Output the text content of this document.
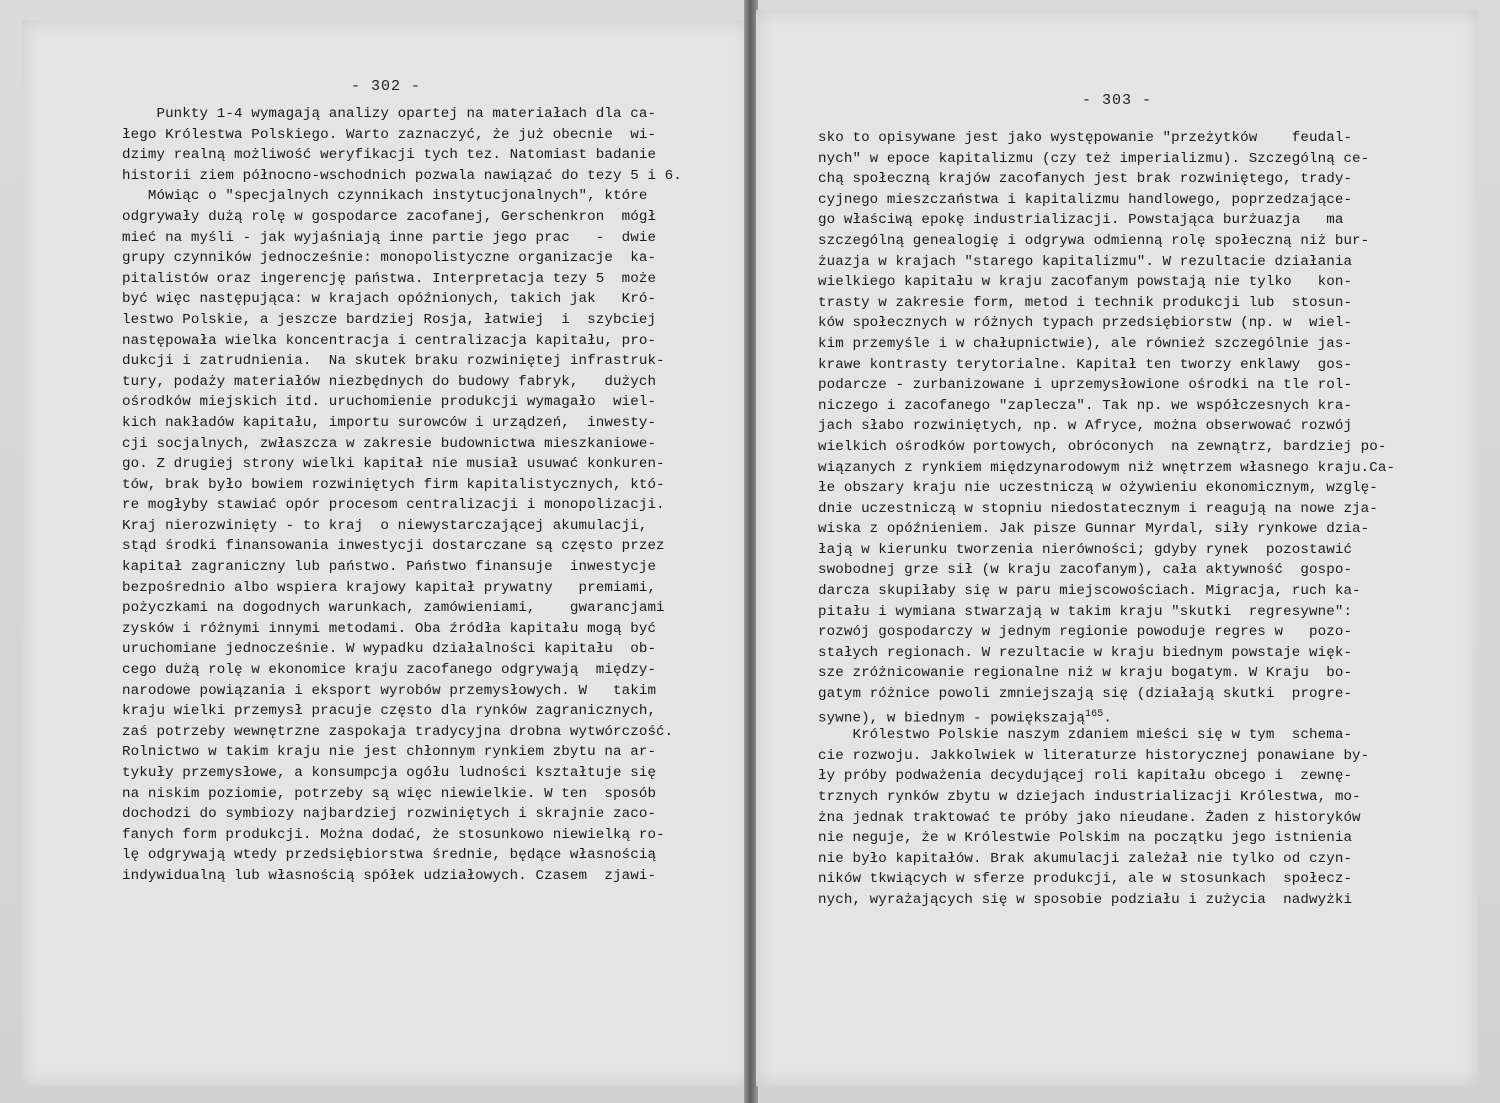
- 302 -
Punkty 1-4 wymagają analizy opartej na materiałach dla ca-
łego Królestwa Polskiego. Warto zaznaczyć, że już obecnie  wi-
dzimy realną możliwość weryfikacji tych tez. Natomiast badanie
historii ziem północno-wschodnich pozwala nawiązać do tezy 5 i 6.
Mówiąc o "specjalnych czynnikach instytucjonalnych", które
odgrywały dużą rolę w gospodarce zacofanej, Gerschenkron  mógł
mieć na myśli - jak wyjaśniają inne partie jego prac   -  dwie
grupy czynników jednocześnie: monopolistyczne organizacje  ka-
pitalistów oraz ingerencję państwa. Interpretacja tezy 5  może
być więc następująca: w krajach opóźnionych, takich jak   Kró-
lestwo Polskie, a jeszcze bardziej Rosja, łatwiej  i  szybciej
następowała wielka koncentracja i centralizacja kapitału, pro-
dukcji i zatrudnienia.  Na skutek braku rozwiniętej infrastruk-
tury, podaży materiałów niezbędnych do budowy fabryk,   dużych
ośrodków miejskich itd. uruchomienie produkcji wymagało  wiel-
kich nakładów kapitału, importu surowców i urządzeń,  inwesty-
cji socjalnych, zwłaszcza w zakresie budownictwa mieszkaniowe-
go. Z drugiej strony wielki kapitał nie musiał usuwać konkuren-
tów, brak było bowiem rozwiniętych firm kapitalistycznych, któ-
re mogłyby stawiać opór procesom centralizacji i monopolizacji.
Kraj nierozwinięty - to kraj  o niewystarczającej akumulacji,
stąd środki finansowania inwestycji dostarczane są często przez
kapitał zagraniczny lub państwo. Państwo finansuje  inwestycje
bezpośrednio albo wspiera krajowy kapitał prywatny   premiami,
pożyczkami na dogodnych warunkach, zamówieniami,    gwarancjami
zysków i różnymi innymi metodami. Oba źródła kapitału mogą być
uruchomiane jednocześnie. W wypadku działalności kapitału  ob-
cego dużą rolę w ekonomice kraju zacofanego odgrywają  między-
narodowe powiązania i eksport wyrobów przemysłowych. W   takim
kraju wielki przemysł pracuje często dla rynków zagranicznych,
zaś potrzeby wewnętrzne zaspokaja tradycyjna drobna wytwórczość.
Rolnictwo w takim kraju nie jest chłonnym rynkiem zbytu na ar-
tykuły przemysłowe, a konsumpcja ogółu ludności kształtuje się
na niskim poziomie, potrzeby są więc niewielkie. W ten  sposób
dochodzi do symbiozy najbardziej rozwiniętych i skrajnie zaco-
fanych form produkcji. Można dodać, że stosunkowo niewielką ro-
lę odgrywają wtedy przedsiębiorstwa średnie, będące własnością
indywidualną lub własnością spółek udziałowych. Czasem  zjawi-
- 303 -
sko to opisywane jest jako występowanie "przeżytków    feudal-
nych" w epoce kapitalizmu (czy też imperializmu). Szczególną ce-
chą społeczną krajów zacofanych jest brak rozwiniętego, trady-
cyjnego mieszczaństwa i kapitalizmu handlowego, poprzedzające-
go właściwą epokę industrializacji. Powstająca burżuazja   ma
szczególną genealogię i odgrywa odmienną rolę społeczną niż bur-
żuazja w krajach "starego kapitalizmu". W rezultacie działania
wielkiego kapitału w kraju zacofanym powstają nie tylko   kon-
trasty w zakresie form, metod i technik produkcji lub  stosun-
ków społecznych w różnych typach przedsiębiorstw (np. w  wiel-
kim przemyśle i w chałupnictwie), ale również szczególnie jas-
krawe kontrasty terytorialne. Kapitał ten tworzy enklawy  gos-
podarcze - zurbanizowane i uprzemysłowione ośrodki na tle rol-
niczego i zacofanego "zaplecza". Tak np. we współczesnych kra-
jach słabo rozwiniętych, np. w Afryce, można obserwować rozwój
wielkich ośrodków portowych, obróconych  na zewnątrz, bardziej po-
wiązanych z rynkiem międzynarodowym niż wnętrzem własnego kraju.Ca-
łe obszary kraju nie uczestniczą w ożywieniu ekonomicznym, wzglę-
dnie uczestniczą w stopniu niedostatecznym i reagują na nowe zja-
wiska z opóźnieniem. Jak pisze Gunnar Myrdal, siły rynkowe dzia-
łają w kierunku tworzenia nierówności; gdyby rynek  pozostawić
swobodnej grze sił (w kraju zacofanym), cała aktywność  gospo-
darcza skupiłaby się w paru miejscowościach. Migracja, ruch ka-
pitału i wymiana stwarzają w takim kraju "skutki  regresywne":
rozwój gospodarczy w jednym regionie powoduje regres w   pozo-
stałych regionach. W rezultacie w kraju biednym powstaje więk-
sze zróżnicowanie regionalne niż w kraju bogatym. W Kraju  bo-
gatym różnice powoli zmniejszają się (działają skutki  progre-
sywne), w biednym - powiększają$^{165}$.
Królestwo Polskie naszym zdaniem mieści się w tym  schema-
cie rozwoju. Jakkolwiek w literaturze historycznej ponawiane by-
ły próby podważenia decydującej roli kapitału obcego i  zewnę-
trznych rynków zbytu w dziejach industrializacji Królestwa, mo-
żna jednak traktować te próby jako nieudane. Żaden z historyków
nie neguje, że w Królestwie Polskim na początku jego istnienia
nie było kapitałów. Brak akumulacji zależał nie tylko od czyn-
ników tkwiących w sferze produkcji, ale w stosunkach  społecz-
nych, wyrażających się w sposobie podziału i zużycia  nadwyżki
